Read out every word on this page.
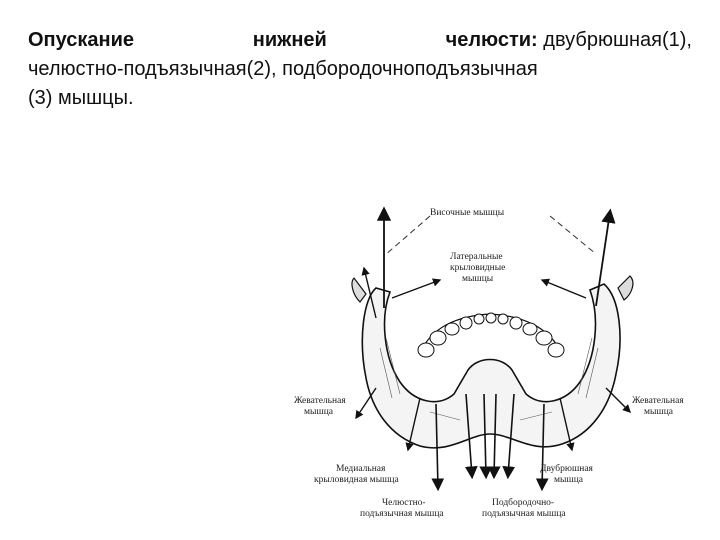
Опускание	нижней	челюсти: двубрюшная(1),
челюстно-подъязычная(2), подбородочноподъязычная
(3) мышцы.
Височные мышцы
Латеральные
крыловидные
мышцы
Жевательная
мышца
Жевательная
мышца
Медиальная
крыловидная мышца
Двубрюшная
мышца
Челюстно-
подъязычная мышца
Подбородочно-
подъязычная мышца
